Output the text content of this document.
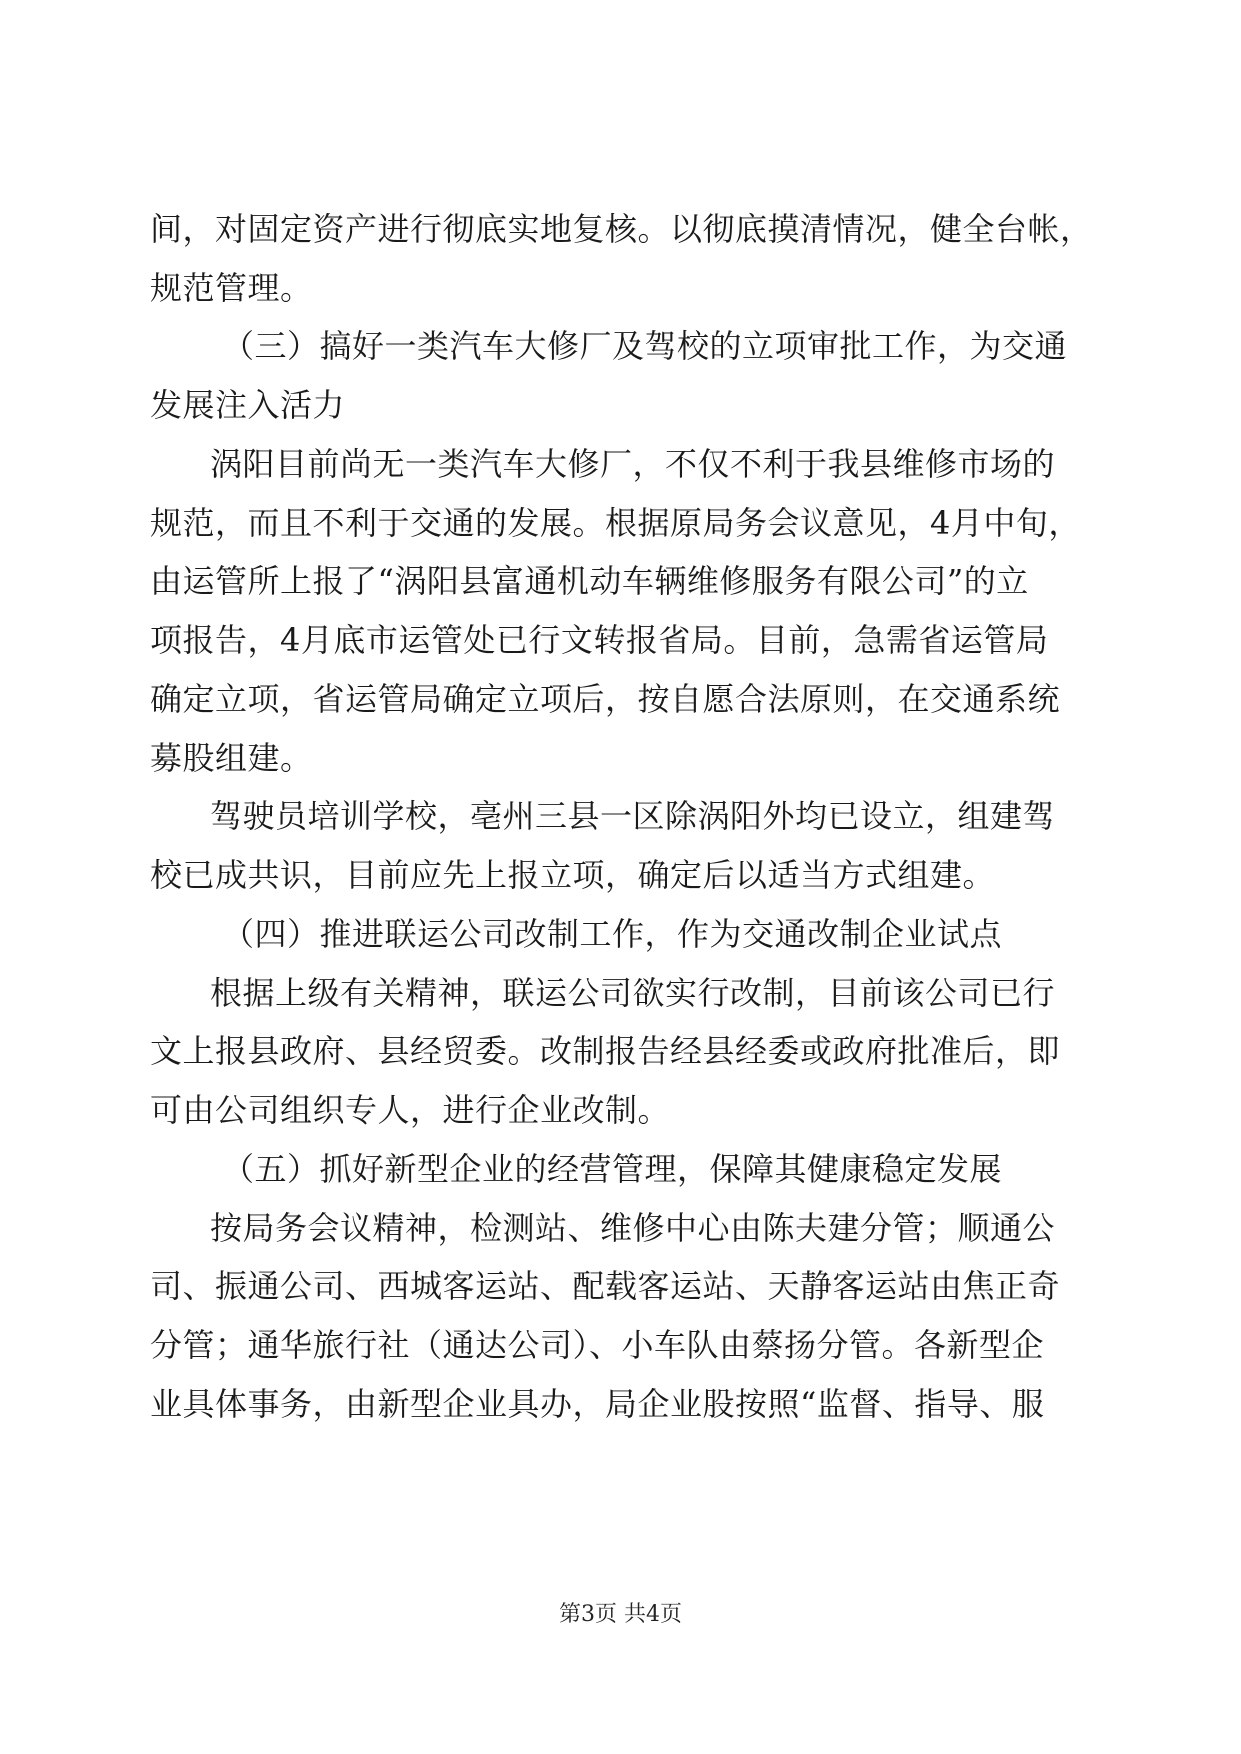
间，对固定资产进行彻底实地复核。以彻底摸清情况，健全台帐，
规范管理。
（三）搞好一类汽车大修厂及驾校的立项审批工作，为交通
发展注入活力
涡阳目前尚无一类汽车大修厂，不仅不利于我县维修市场的
规范，而且不利于交通的发展。根据原局务会议意见，4月中旬，
由运管所上报了“涡阳县富通机动车辆维修服务有限公司”的立
项报告，4月底市运管处已行文转报省局。目前，急需省运管局
确定立项，省运管局确定立项后，按自愿合法原则，在交通系统
募股组建。
驾驶员培训学校，亳州三县一区除涡阳外均已设立，组建驾
校已成共识，目前应先上报立项，确定后以适当方式组建。
（四）推进联运公司改制工作，作为交通改制企业试点
根据上级有关精神，联运公司欲实行改制，目前该公司已行
文上报县政府、县经贸委。改制报告经县经委或政府批准后，即
可由公司组织专人，进行企业改制。
（五）抓好新型企业的经营管理，保障其健康稳定发展
按局务会议精神，检测站、维修中心由陈夫建分管；顺通公
司、振通公司、西城客运站、配载客运站、天静客运站由焦正奇
分管；通华旅行社（通达公司）、小车队由蔡扬分管。各新型企
业具体事务，由新型企业具办，局企业股按照“监督、指导、服
第3页 共4页
